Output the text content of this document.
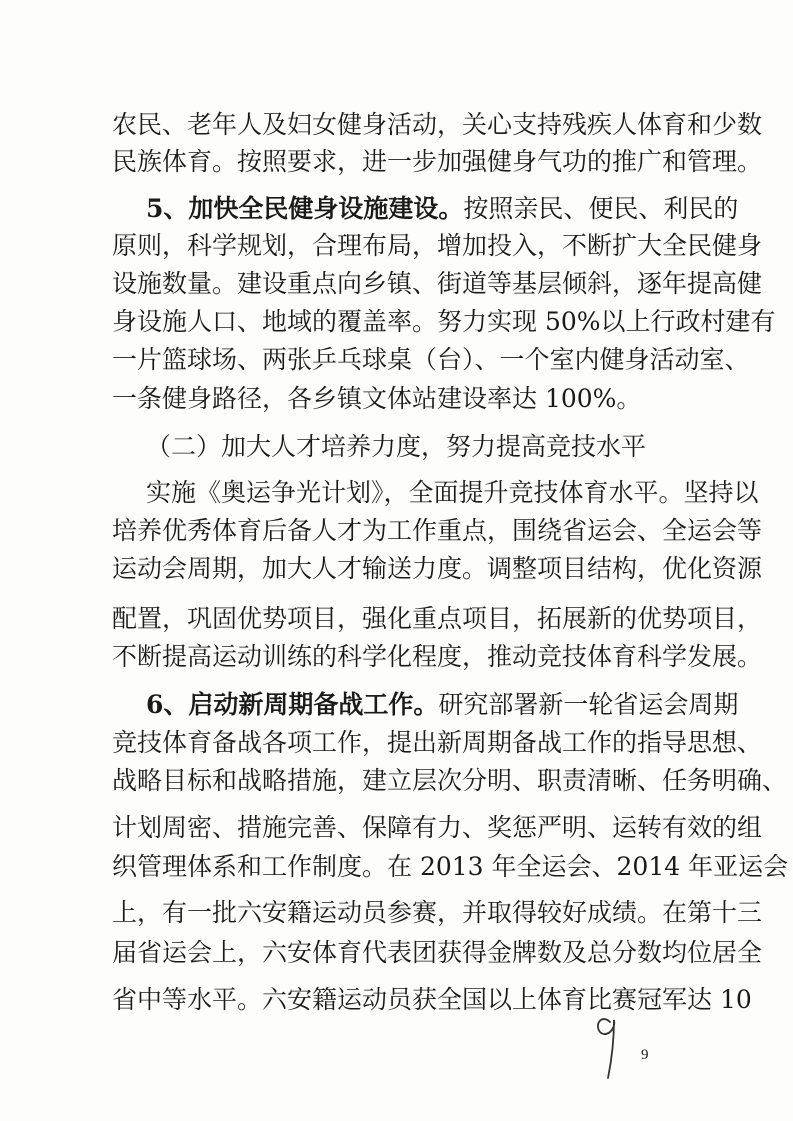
农民、老年人及妇女健身活动，关心支持残疾人体育和少数
民族体育。按照要求，进一步加强健身气功的推广和管理。
5、加快全民健身设施建设。按照亲民、便民、利民的
原则，科学规划，合理布局，增加投入，不断扩大全民健身
设施数量。建设重点向乡镇、街道等基层倾斜，逐年提高健
身设施人口、地域的覆盖率。努力实现 50%以上行政村建有
一片篮球场、两张乒乓球桌（台）、一个室内健身活动室、
一条健身路径，各乡镇文体站建设率达 100%。
（二）加大人才培养力度，努力提高竞技水平
实施《奥运争光计划》，全面提升竞技体育水平。坚持以
培养优秀体育后备人才为工作重点，围绕省运会、全运会等
运动会周期，加大人才输送力度。调整项目结构，优化资源
配置，巩固优势项目，强化重点项目，拓展新的优势项目，
不断提高运动训练的科学化程度，推动竞技体育科学发展。
6、启动新周期备战工作。研究部署新一轮省运会周期
竞技体育备战各项工作，提出新周期备战工作的指导思想、
战略目标和战略措施，建立层次分明、职责清晰、任务明确、
计划周密、措施完善、保障有力、奖惩严明、运转有效的组
织管理体系和工作制度。在 2013 年全运会、2014 年亚运会
上，有一批六安籍运动员参赛，并取得较好成绩。在第十三
届省运会上，六安体育代表团获得金牌数及总分数均位居全
省中等水平。六安籍运动员获全国以上体育比赛冠军达 10
9
